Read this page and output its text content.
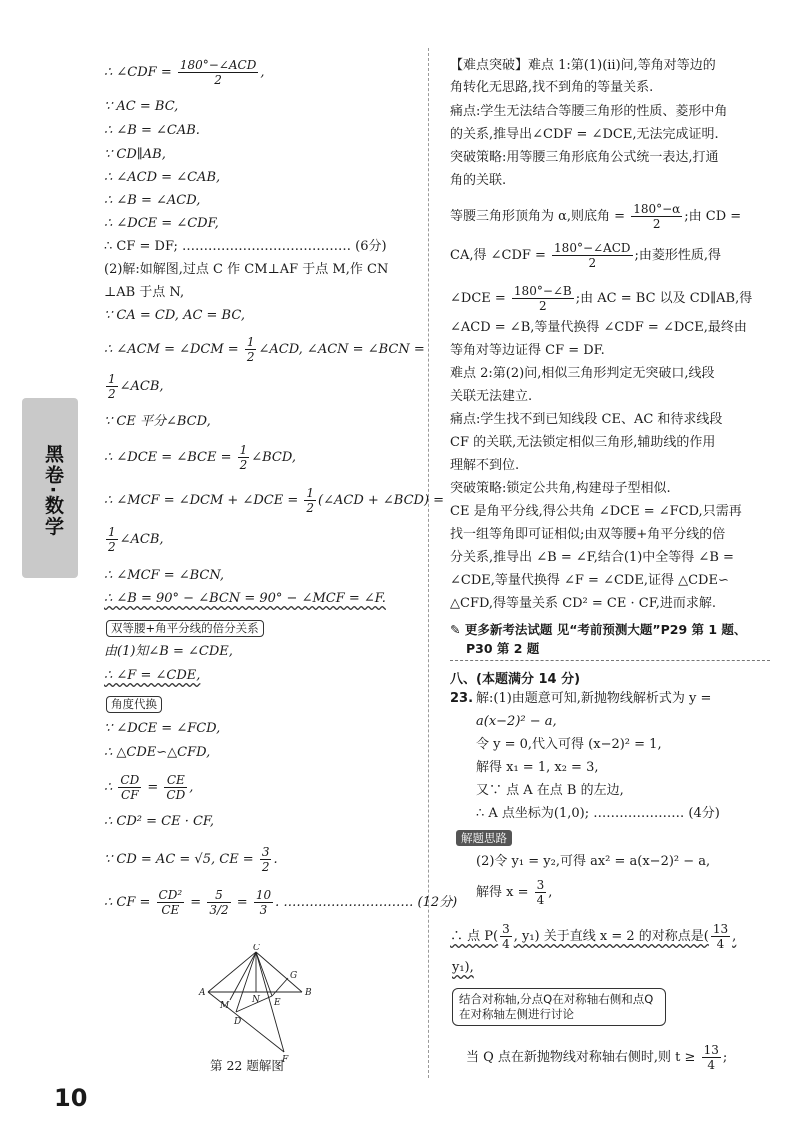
黑卷·数学
∴ ∠CDF = $\frac{\text{180°−∠ACD}}{2}$ ,
∵ AC = BC,
∴ ∠B = ∠CAB.
∵ CD∥AB,
∴ ∠ACD = ∠CAB,
∴ ∠B = ∠ACD,
∴ ∠DCE = ∠CDF,
∴ CF = DF; ………………………………… (6分)
(2)解:如解图,过点 C 作 CM⊥AF 于点 M,作 CN
⊥AB 于点 N,
∵ CA = CD, AC = BC,
∴ ∠ACM = ∠DCM = $\frac{1}{2}$ ∠ACD, ∠ACN = ∠BCN =
$\frac{1}{2}$ ∠ACB,
∵ CE 平分∠BCD,
∴ ∠DCE = ∠BCE = $\frac{1}{2}$ ∠BCD,
∴ ∠MCF = ∠DCM + ∠DCE = $\frac{1}{2}$ (∠ACD + ∠BCD) =
$\frac{1}{2}$ ∠ACB,
∴ ∠MCF = ∠BCN,
∴ ∠B = 90° − ∠BCN = 90° − ∠MCF = ∠F.
双等腰+角平分线的倍分关系
由(1)知∠B = ∠CDE,
∴ ∠F = ∠CDE,
角度代换
∵ ∠DCE = ∠FCD,
∴ △CDE∽△CFD,
∴ $\frac{CD}{CF} = \frac{CE}{CD}$ ,
∴ CD² = CE · CF,
∵ CD = AC = √5, CE = $\frac{3}{2}$ .
∴ CF = $\frac{\text{CD²}}{CE} = \frac{5}{3/2} = \frac{10}{3}$ . ………………………… (12分)
C
G
A
N
B
M	E
D
F
第 22 题解图
【难点突破】难点 1:第(1)(ii)问,等角对等边的
角转化无思路,找不到角的等量关系.
痛点:学生无法结合等腰三角形的性质、菱形中角
的关系,推导出∠CDF = ∠DCE,无法完成证明.
突破策略:用等腰三角形底角公式统一表达,打通
角的关联.
等腰三角形顶角为 α,则底角 = $\frac{180^\circ-\alpha}{2}$ ;由 CD =
CA,得 ∠CDF = $\frac{\text{180°−∠ACD}}{2}$ ;由菱形性质,得
∠DCE = $\frac{180^\circ-\angle B}{2}$ ;由 AC = BC 以及 CD∥AB,得
∠ACD = ∠B,等量代换得 ∠CDF = ∠DCE,最终由
等角对等边证得 CF = DF.
难点 2:第(2)问,相似三角形判定无突破口,线段
关联无法建立.
痛点:学生找不到已知线段 CE、AC 和待求线段
CF 的关联,无法锁定相似三角形,辅助线的作用
理解不到位.
突破策略:锁定公共角,构建母子型相似.
CE 是角平分线,得公共角 ∠DCE = ∠FCD,只需再
找一组等角即可证相似;由双等腰+角平分线的倍
分关系,推导出 ∠B = ∠F,结合(1)中全等得 ∠B =
∠CDE,等量代换得 ∠F = ∠CDE,证得 △CDE∽
△CFD,得等量关系 CD² = CE · CF,进而求解.
✎ 更多新考法试题 见“考前预测大题”P29 第 1 题、
P30 第 2 题
八、(本题满分 14 分)
23. 解:(1)由题意可知,新抛物线解析式为 y =
a(x−2)² − a,
令 y = 0,代入可得 (x−2)² = 1,
解得 x₁ = 1, x₂ = 3,
又∵ 点 A 在点 B 的左边,
∴ A 点坐标为(1,0); ………………… (4分)
解题思路
(2)令 y₁ = y₂,可得 ax² = a(x−2)² − a,
解得 $x = \frac{3}{4}$ ,
∴ 点 $P( \frac{3}{4}$ , y₁) 关于直线 x = 2 的对称点是( $\frac{13}{4}$ ,
y₁),
结合对称轴,分点Q在对称轴右侧和点Q在对称轴左侧进行讨论
当 Q 点在新抛物线对称轴右侧时,则 $t \ge \frac{13}{4}$ ;
10
